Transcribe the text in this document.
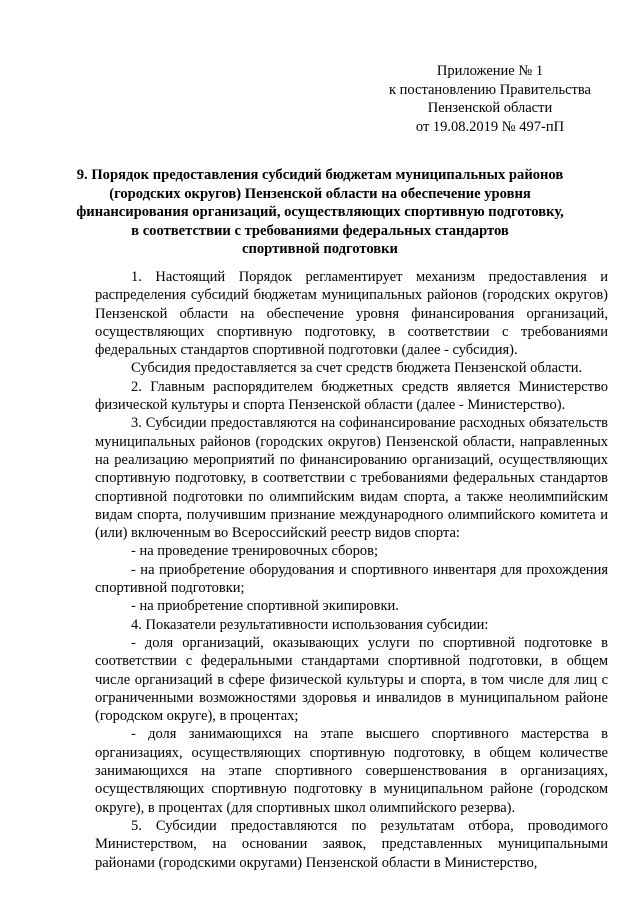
Приложение № 1
к постановлению Правительства
Пензенской области
от 19.08.2019 № 497-пП
9. Порядок предоставления субсидий бюджетам муниципальных районов
(городских округов) Пензенской области на обеспечение уровня
финансирования организаций, осуществляющих спортивную подготовку,
в соответствии с требованиями федеральных стандартов
спортивной подготовки

1. Настоящий Порядок регламентирует механизм предоставления и распределения субсидий бюджетам муниципальных районов (городских округов) Пензенской области на обеспечение уровня финансирования организаций, осуществляющих спортивную подготовку, в соответствии с требованиями федеральных стандартов спортивной подготовки (далее - субсидия).

Субсидия предоставляется за счет средств бюджета Пензенской области.

2. Главным распорядителем бюджетных средств является Министерство физической культуры и спорта Пензенской области (далее - Министерство).

3. Субсидии предоставляются на софинансирование расходных обязательств муниципальных районов (городских округов) Пензенской области, направленных на реализацию мероприятий по финансированию организаций, осуществляющих спортивную подготовку, в соответствии с требованиями федеральных стандартов спортивной подготовки по олимпийским видам спорта, а также неолимпийским видам спорта, получившим признание международного олимпийского комитета и (или) включенным во Всероссийский реестр видов спорта:

- на проведение тренировочных сборов;

- на приобретение оборудования и спортивного инвентаря для прохождения спортивной подготовки;

- на приобретение спортивной экипировки.

4. Показатели результативности использования субсидии:

- доля организаций, оказывающих услуги по спортивной подготовке в соответствии с федеральными стандартами спортивной подготовки, в общем числе организаций в сфере физической культуры и спорта, в том числе для лиц с ограниченными возможностями здоровья и инвалидов в муниципальном районе (городском округе), в процентах;

- доля занимающихся на этапе высшего спортивного мастерства в организациях, осуществляющих спортивную подготовку, в общем количестве занимающихся на этапе спортивного совершенствования в организациях, осуществляющих спортивную подготовку в муниципальном районе (городском округе), в процентах (для спортивных школ олимпийского резерва).

5. Субсидии предоставляются по результатам отбора, проводимого Министерством, на основании заявок, представленных муниципальными районами (городскими округами) Пензенской области в Министерство,
